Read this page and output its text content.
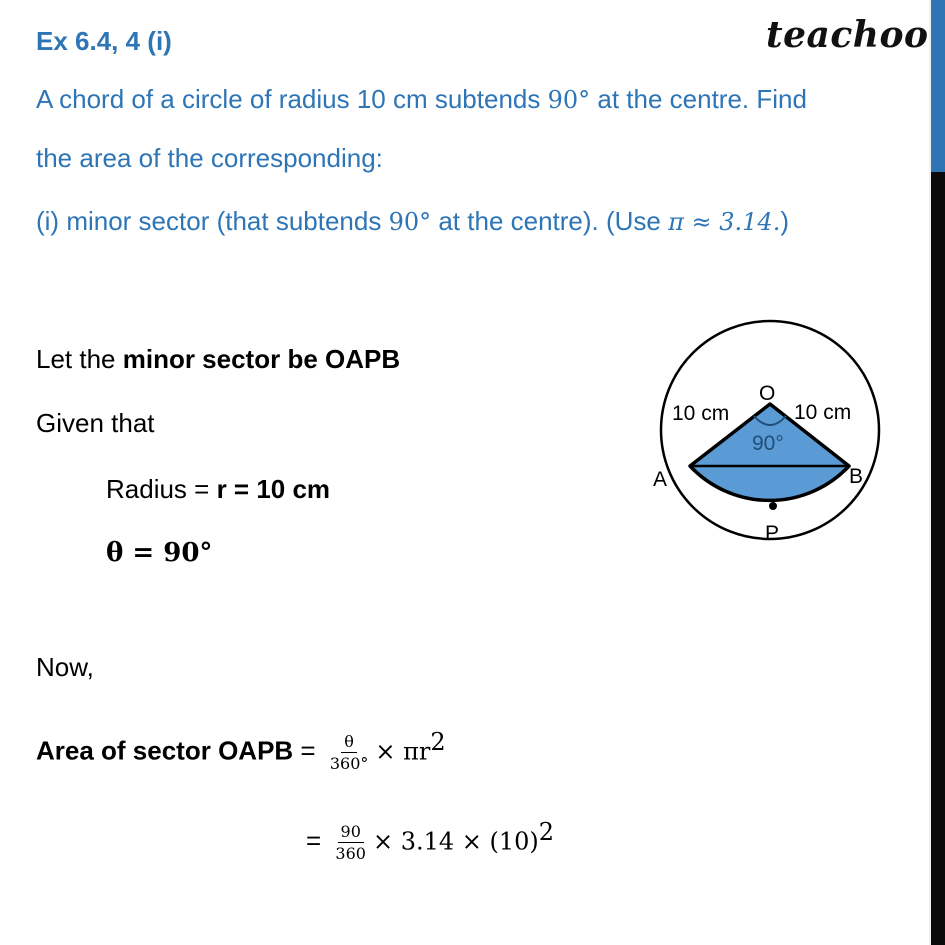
Ex 6.4, 4 (i)	teachoo
A chord of a circle of radius 10 cm subtends 90° at the centre. Find
the area of the corresponding:
(i) minor sector (that subtends 90° at the centre). (Use π ≈ 3.14.)
Let the minor sector be OAPB
Given that
Radius = r = 10 cm
θ = 90°
Now,
Area of sector OAPB = $\frac{\theta}{360^\circ} \times \pi r^2$
= $\frac{90}{360} \times 3.14 \times (10)^2$
O
10 cm	10 cm
90°
A	B
P
